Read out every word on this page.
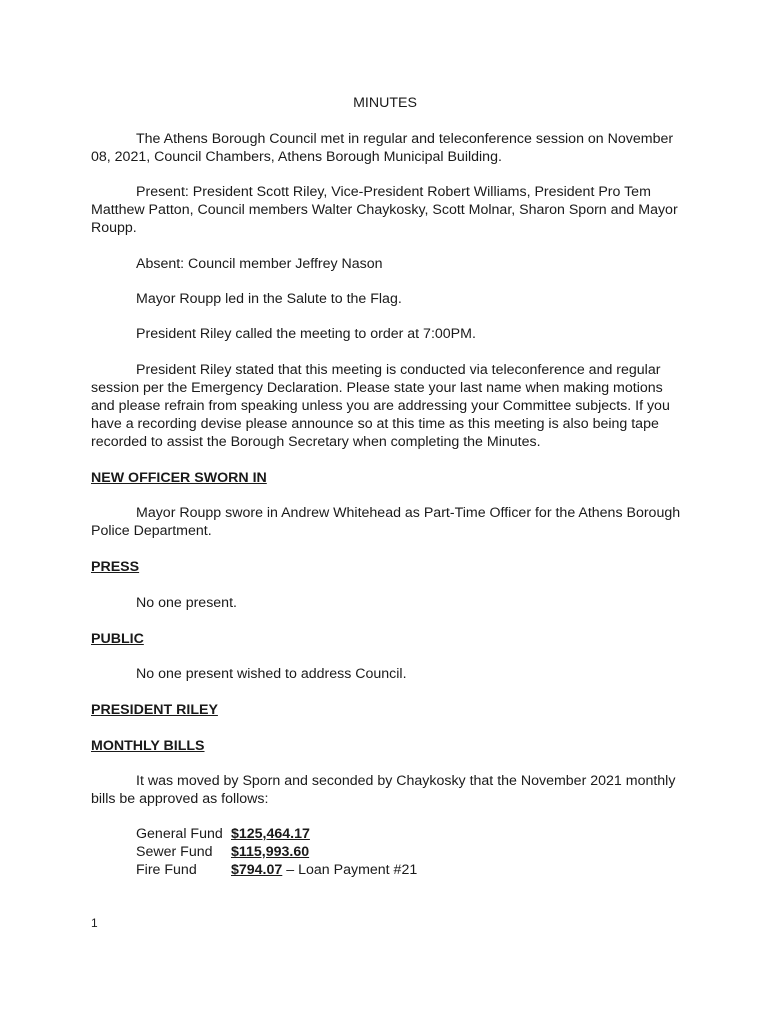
MINUTES

The Athens Borough Council met in regular and teleconference session on November 08, 2021, Council Chambers, Athens Borough Municipal Building.

Present: President Scott Riley, Vice-President Robert Williams, President Pro Tem Matthew Patton, Council members Walter Chaykosky, Scott Molnar, Sharon Sporn and Mayor Roupp.

Absent: Council member Jeffrey Nason

Mayor Roupp led in the Salute to the Flag.

President Riley called the meeting to order at 7:00PM.

President Riley stated that this meeting is conducted via teleconference and regular session per the Emergency Declaration. Please state your last name when making motions and please refrain from speaking unless you are addressing your Committee subjects. If you have a recording devise please announce so at this time as this meeting is also being tape recorded to assist the Borough Secretary when completing the Minutes.

NEW OFFICER SWORN IN

Mayor Roupp swore in Andrew Whitehead as Part-Time Officer for the Athens Borough Police Department.

PRESS

No one present.

PUBLIC

No one present wished to address Council.

PRESIDENT RILEY

MONTHLY BILLS

It was moved by Sporn and seconded by Chaykosky that the November 2021 monthly bills be approved as follows:

General Fund $125,464.17
Sewer Fund	$115,993.60
Fire Fund	$794.07 – Loan Payment #21
1
